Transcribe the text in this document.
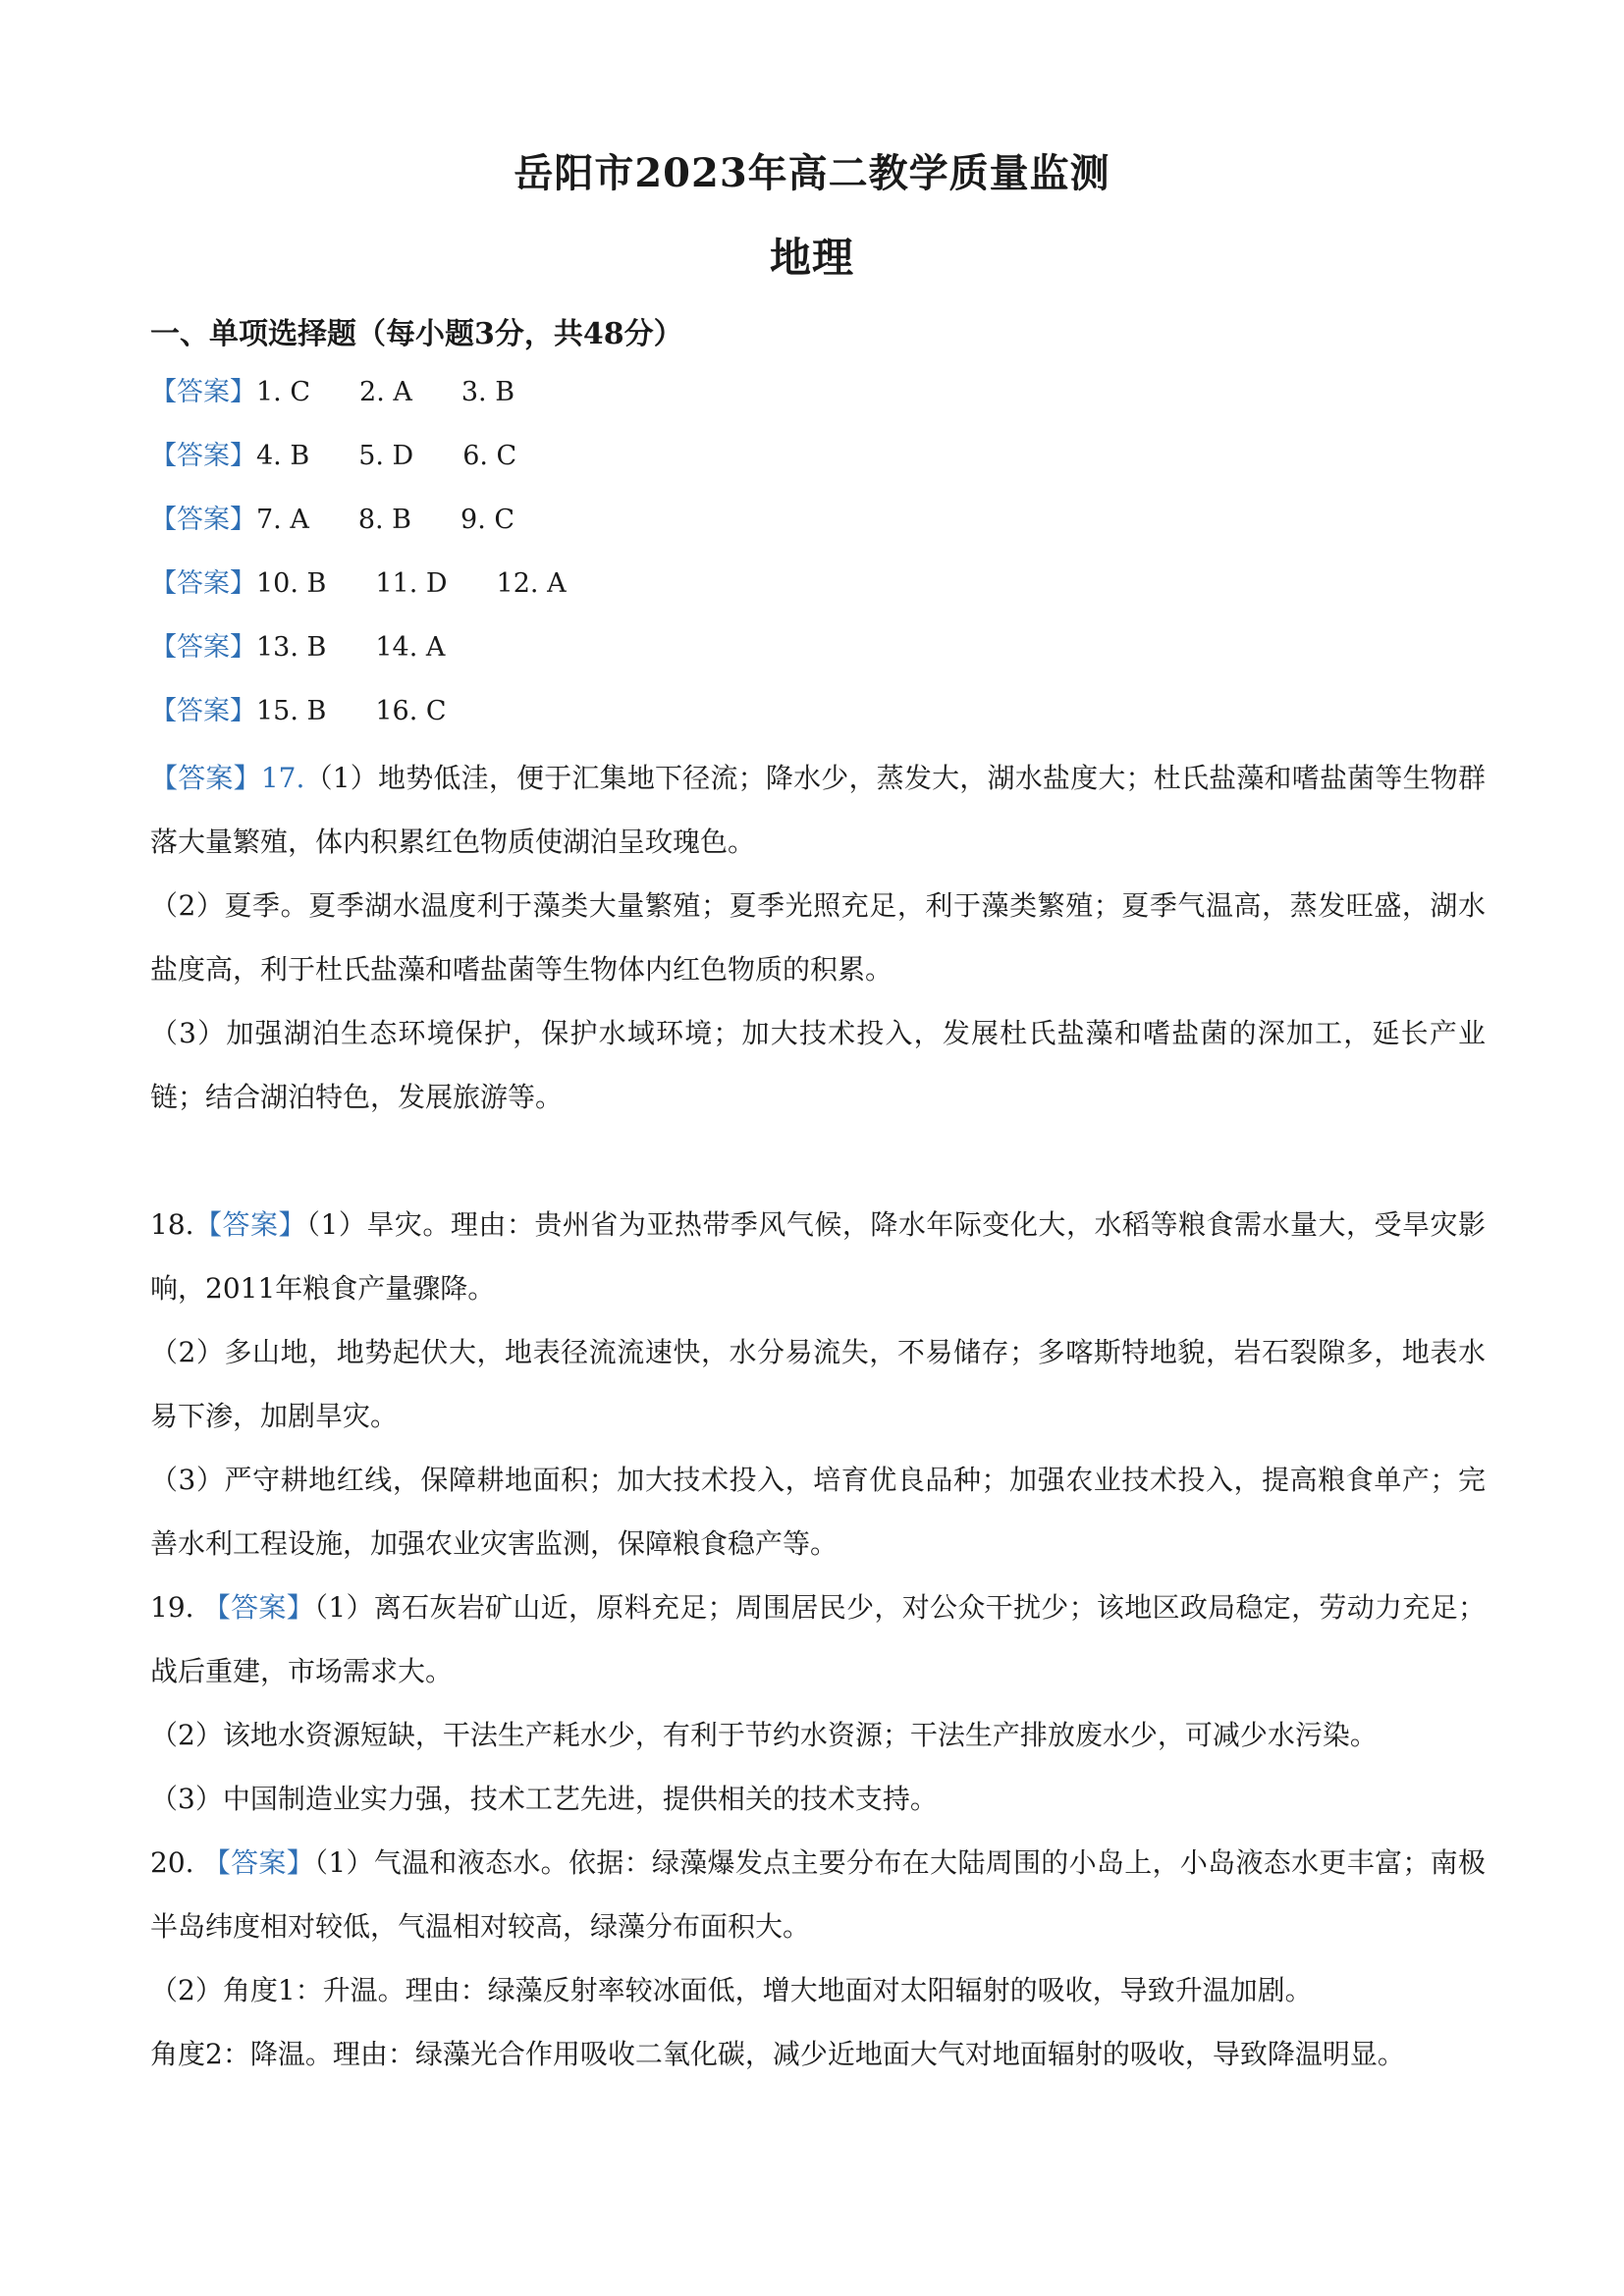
岳阳市2023年高二教学质量监测
地理
一、单项选择题（每小题3分，共48分）
【答案】1. C 2. A 3. B
【答案】4. B 5. D 6. C
【答案】7. A 8. B 9. C
【答案】10. B 11. D 12. A
【答案】13. B 14. A
【答案】15. B 16. C

【答案】17.（1）地势低洼，便于汇集地下径流；降水少，蒸发大，湖水盐度大；杜氏盐藻和嗜盐菌等生物群落大量繁殖，体内积累红色物质使湖泊呈玫瑰色。

（2）夏季。夏季湖水温度利于藻类大量繁殖；夏季光照充足，利于藻类繁殖；夏季气温高，蒸发旺盛，湖水盐度高，利于杜氏盐藻和嗜盐菌等生物体内红色物质的积累。

（3）加强湖泊生态环境保护，保护水域环境；加大技术投入，发展杜氏盐藻和嗜盐菌的深加工，延长产业链；结合湖泊特色，发展旅游等。

18.【答案】（1）旱灾。理由：贵州省为亚热带季风气候，降水年际变化大，水稻等粮食需水量大，受旱灾影响，2011年粮食产量骤降。

（2）多山地，地势起伏大，地表径流流速快，水分易流失，不易储存；多喀斯特地貌，岩石裂隙多，地表水易下渗，加剧旱灾。

（3）严守耕地红线，保障耕地面积；加大技术投入，培育优良品种；加强农业技术投入，提高粮食单产；完善水利工程设施，加强农业灾害监测，保障粮食稳产等。

19. 【答案】（1）离石灰岩矿山近，原料充足；周围居民少，对公众干扰少；该地区政局稳定，劳动力充足；战后重建，市场需求大。

（2）该地水资源短缺，干法生产耗水少，有利于节约水资源；干法生产排放废水少，可减少水污染。

（3）中国制造业实力强，技术工艺先进，提供相关的技术支持。

20. 【答案】（1）气温和液态水。依据：绿藻爆发点主要分布在大陆周围的小岛上，小岛液态水更丰富；南极半岛纬度相对较低，气温相对较高，绿藻分布面积大。

（2）角度1：升温。理由：绿藻反射率较冰面低，增大地面对太阳辐射的吸收，导致升温加剧。

角度2：降温。理由：绿藻光合作用吸收二氧化碳，减少近地面大气对地面辐射的吸收，导致降温明显。
